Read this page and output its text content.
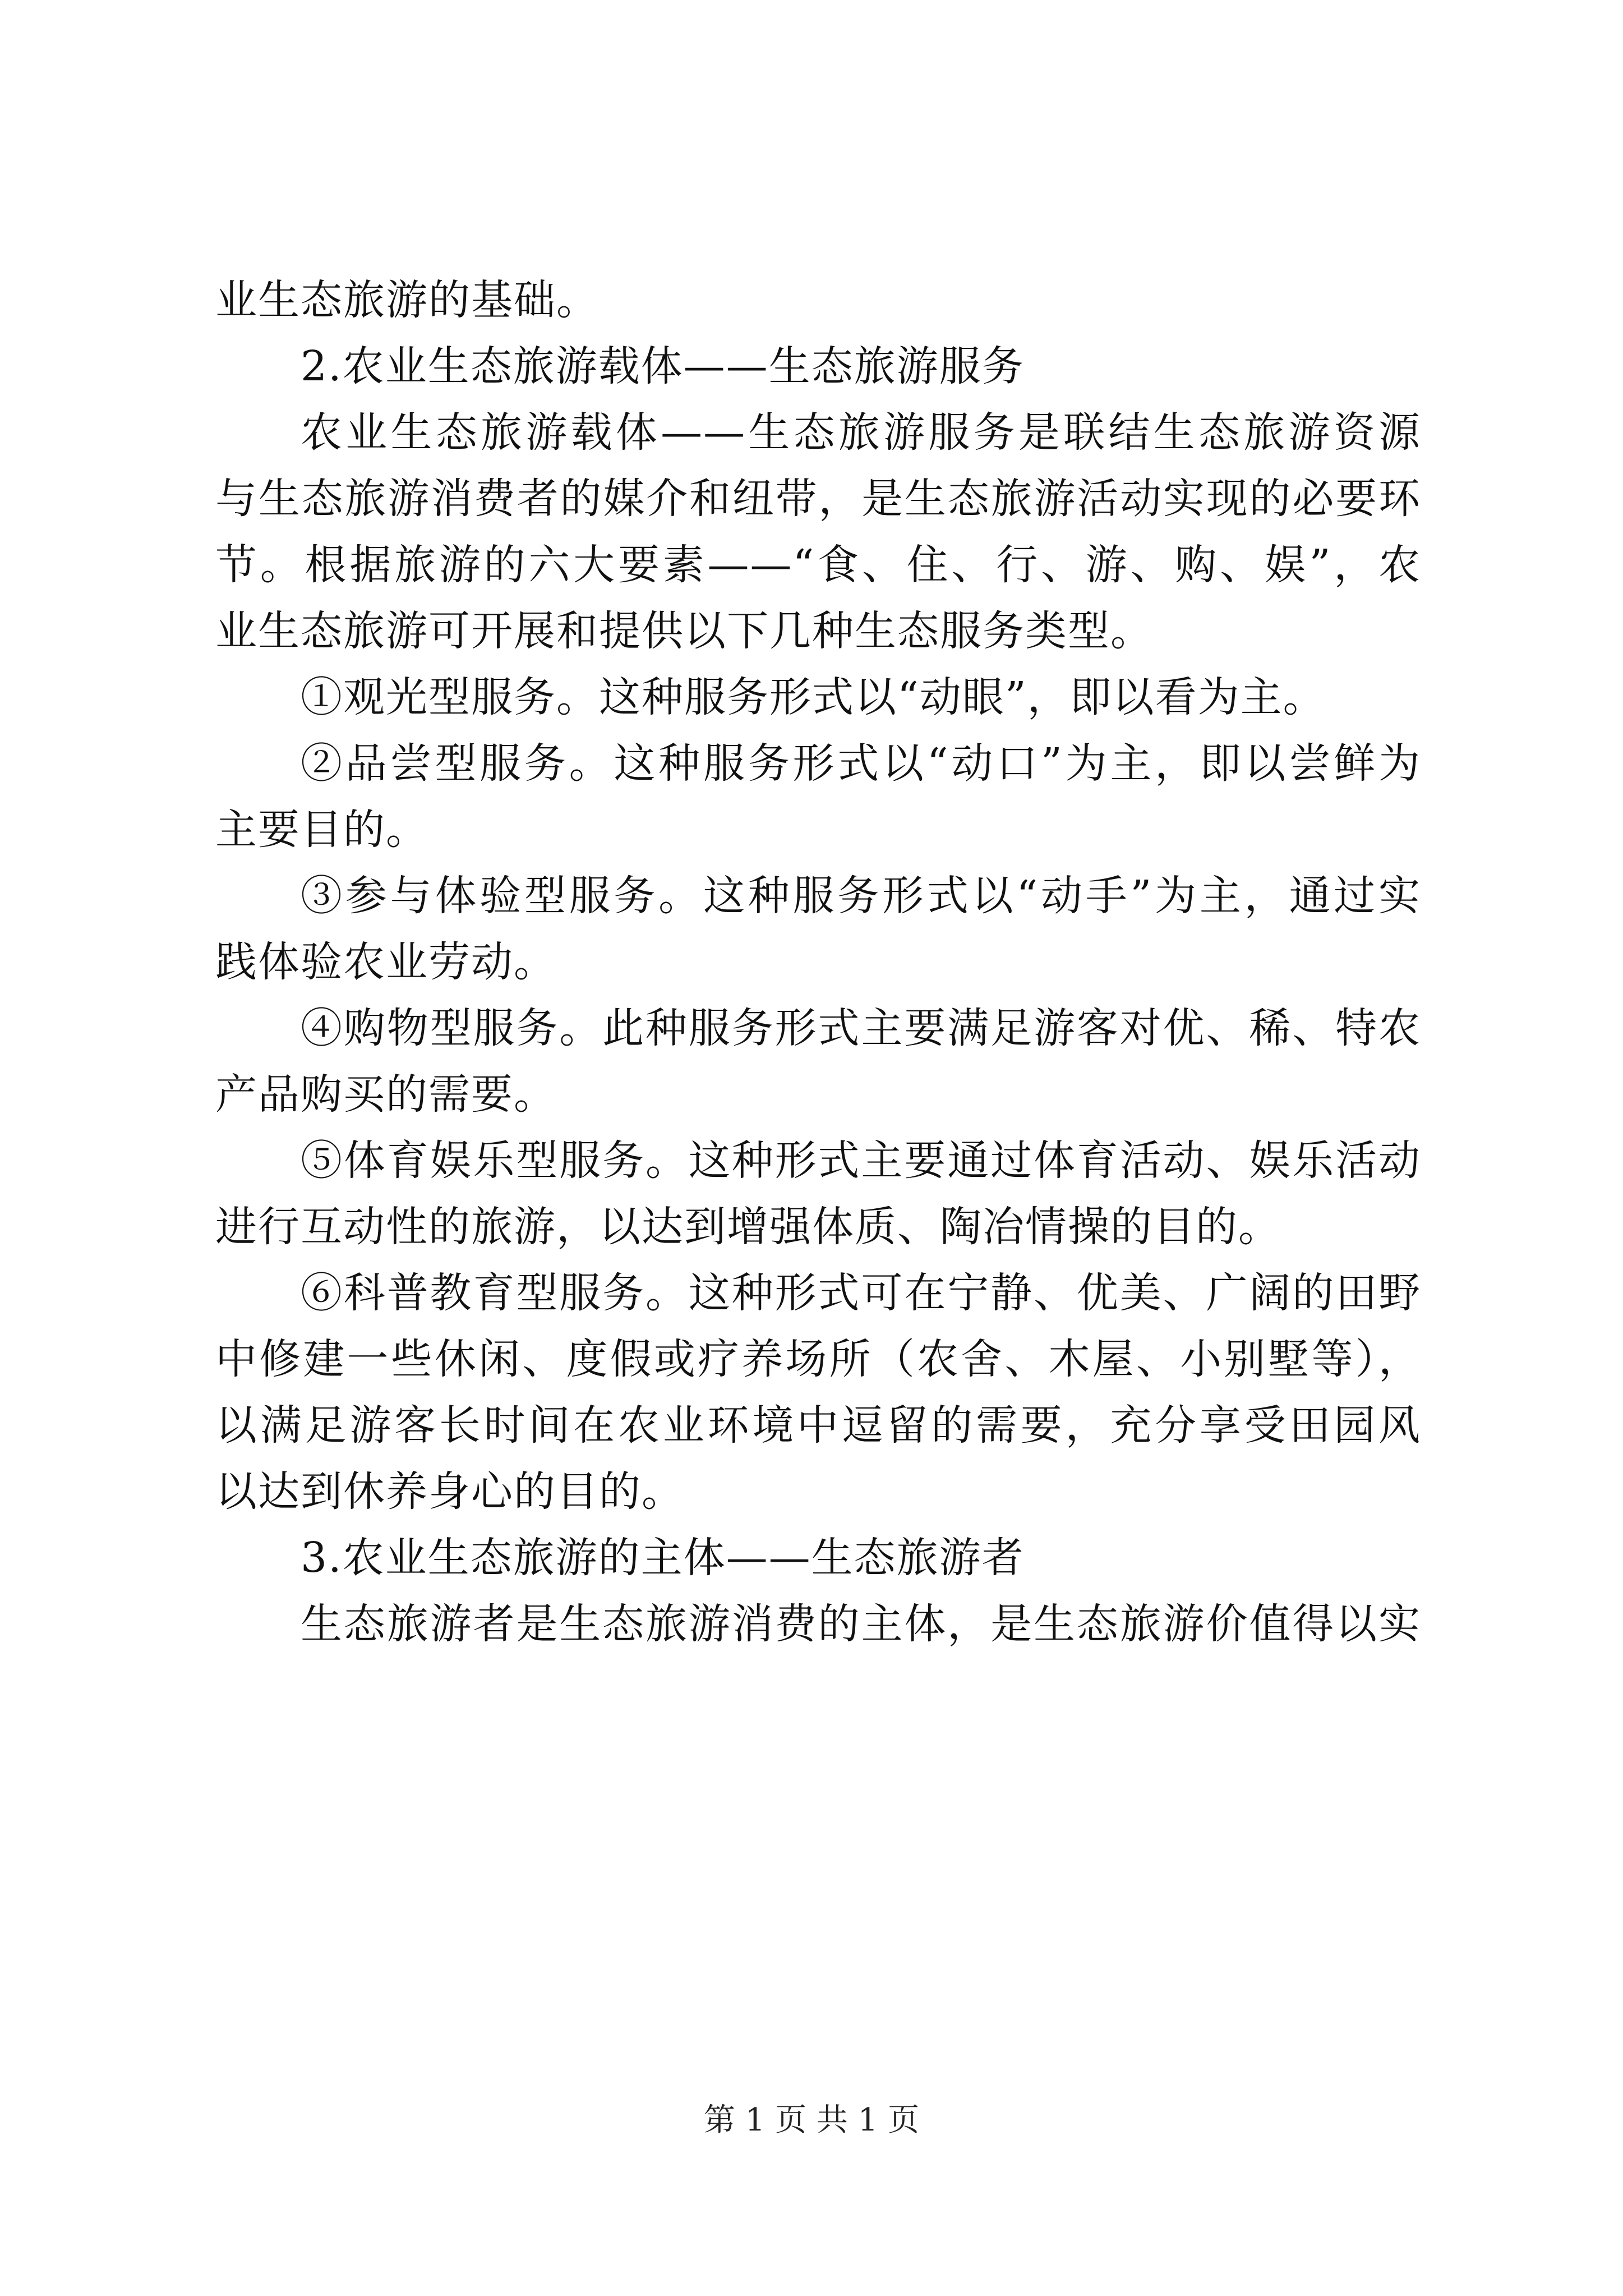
业生态旅游的基础。
2.农业生态旅游载体——生态旅游服务
农业生态旅游载体——生态旅游服务是联结生态旅游资源
与生态旅游消费者的媒介和纽带，是生态旅游活动实现的必要环
节。根据旅游的六大要素——“食、住、行、游、购、娱”，农
业生态旅游可开展和提供以下几种生态服务类型。
①观光型服务。这种服务形式以“动眼”，即以看为主。
②品尝型服务。这种服务形式以“动口”为主，即以尝鲜为
主要目的。
③参与体验型服务。这种服务形式以“动手”为主，通过实
践体验农业劳动。
④购物型服务。此种服务形式主要满足游客对优、稀、特农
产品购买的需要。
⑤体育娱乐型服务。这种形式主要通过体育活动、娱乐活动
进行互动性的旅游，以达到增强体质、陶冶情操的目的。
⑥科普教育型服务。这种形式可在宁静、优美、广阔的田野
中修建一些休闲、度假或疗养场所（农舍、木屋、小别墅等），
以满足游客长时间在农业环境中逗留的需要，充分享受田园风
以达到休养身心的目的。
3.农业生态旅游的主体——生态旅游者
生态旅游者是生态旅游消费的主体，是生态旅游价值得以实
第 1 页 共 1 页
